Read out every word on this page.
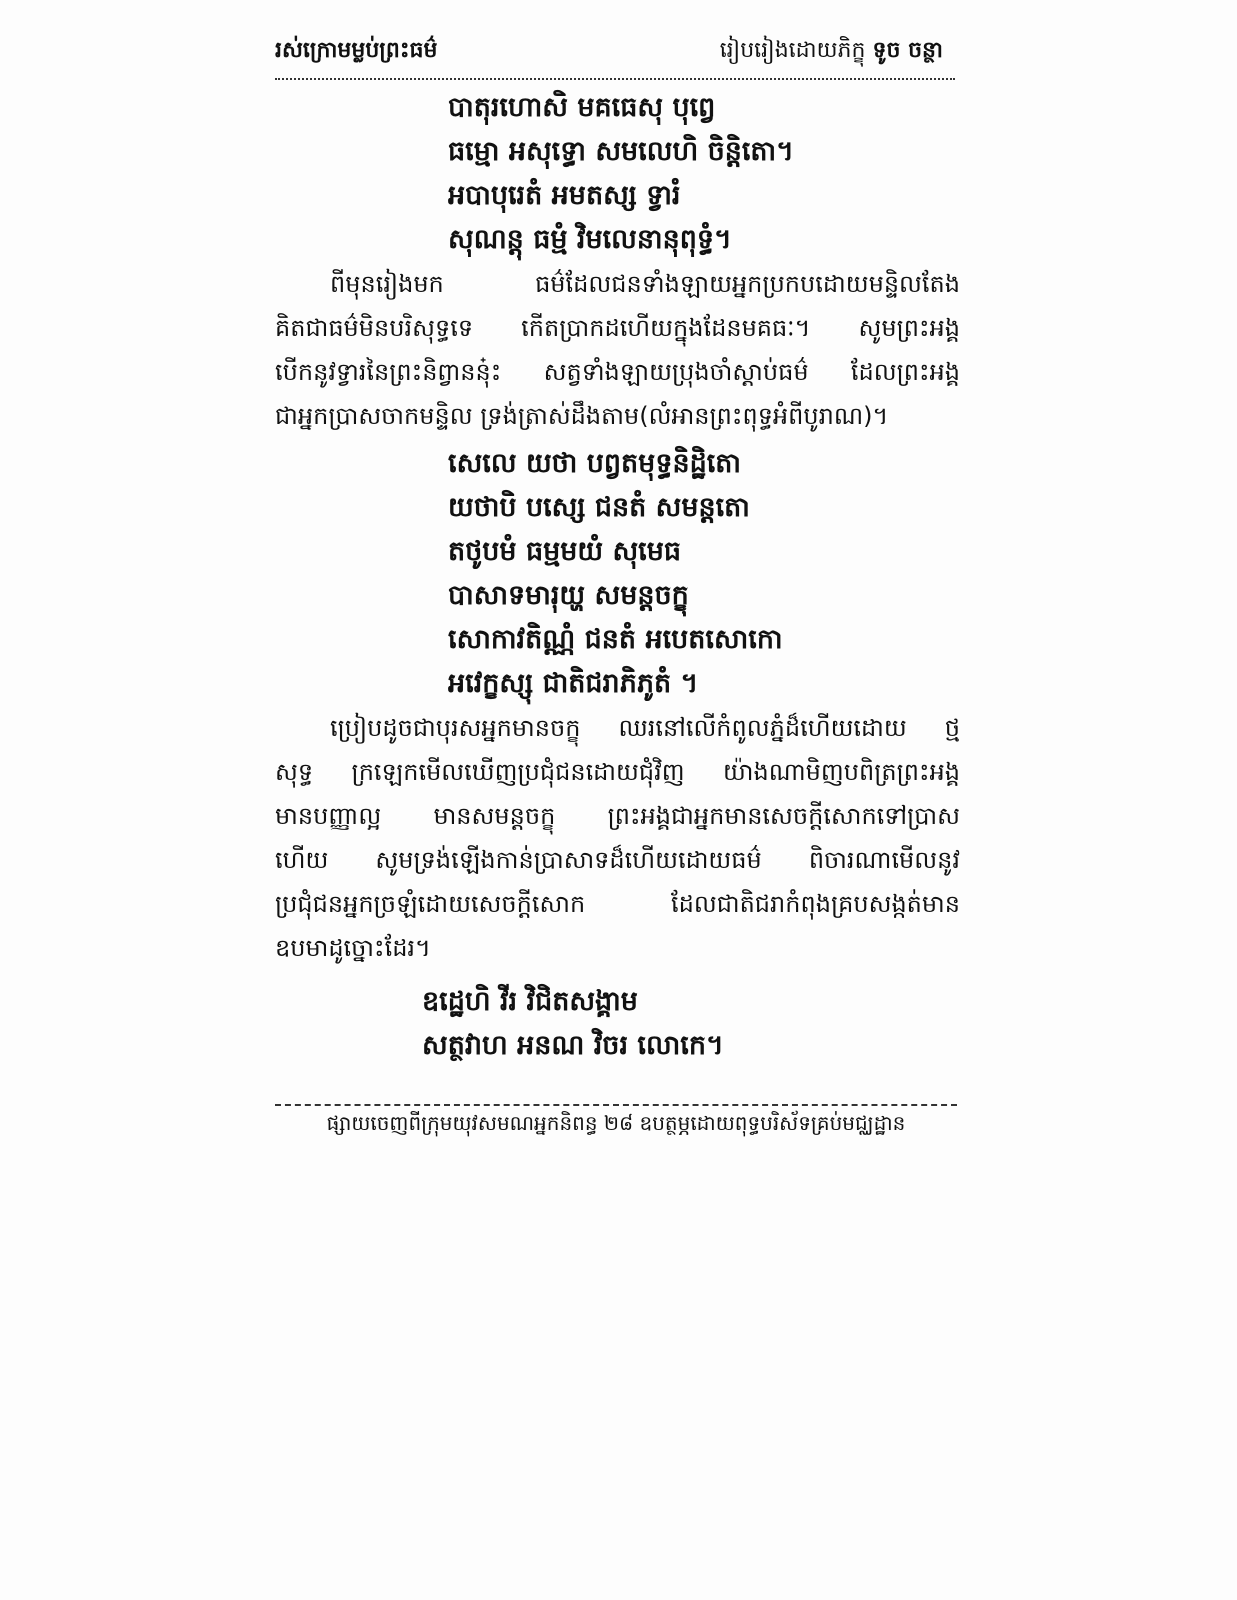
រស់ក្រោមម្លប់ព្រះធម៌	រៀបរៀងដោយភិក្ខុ ទូច ចន្ថា
បាតុរហោសិ មគធេសុ បុព្វេ
ធម្មោ អសុទ្ធោ សមលេហិ ចិន្តិតោ។
អបាបុរេតំ អមតស្ស ទ្វារំ
សុណន្តុ ធម្មំ វិមលេនានុពុទ្ធំ។
ពីមុនរៀងមក ធម៌ដែលជនទាំងឡាយអ្នកប្រកបដោយមន្ទិលតែង
គិតជាធម៌មិនបរិសុទ្ធទេ កើតប្រាកដហើយក្នុងដែនមគធៈ។ សូមព្រះអង្គ
បើកនូវទ្វារនៃព្រះនិព្វាននុ៎ះ សត្វទាំងឡាយប្រុងចាំស្តាប់ធម៌ ដែលព្រះអង្គ
ជាអ្នកប្រាសចាកមន្ទិល ទ្រង់ត្រាស់ដឹងតាម(លំអានព្រះពុទ្ធអំពីបូរាណ)។
សេលេ យថា បព្វតមុទ្ធនិដ្ឋិតោ
យថាបិ បស្សេ ជនតំ សមន្តតោ
តថូបមំ ធម្មមយំ សុមេធ
បាសាទមារុយ្ហ សមន្តចក្ខុ
សោកាវតិណ្ណំ ជនតំ អបេតសោកោ
អវេក្ខស្សុ ជាតិជរាភិភូតំ ។
ប្រៀបដូចជាបុរសអ្នកមានចក្ខុ ឈរនៅលើកំពូលភ្នំដ៏ហើយដោយ ថ្ម
សុទ្ធ ក្រឡេកមើលឃើញប្រជុំជនដោយជុំវិញ យ៉ាងណាមិញបពិត្រព្រះអង្គ
មានបញ្ញាល្អ មានសមន្តចក្ខុ ព្រះអង្គជាអ្នកមានសេចក្តីសោកទៅប្រាស
ហើយ សូមទ្រង់ឡើងកាន់ប្រាសាទដ៏ហើយដោយធម៌ ពិចារណាមើលនូវ
ប្រជុំជនអ្នកច្រឡំដោយសេចក្តីសោក ដែលជាតិជរាកំពុងគ្របសង្កត់មាន
ឧបមាដូច្នោះដែរ។
ឧដ្ឋេហិ វីរ វិជិតសង្គាម
សត្ថវាហ អនណ វិចរ លោកេ។
ផ្សាយចេញពីក្រុមយុវសមណអ្នកនិពន្ធ ២៨ ឧបត្ថម្ភដោយពុទ្ធបរិស័ទគ្រប់មជ្ឈដ្ឋាន
